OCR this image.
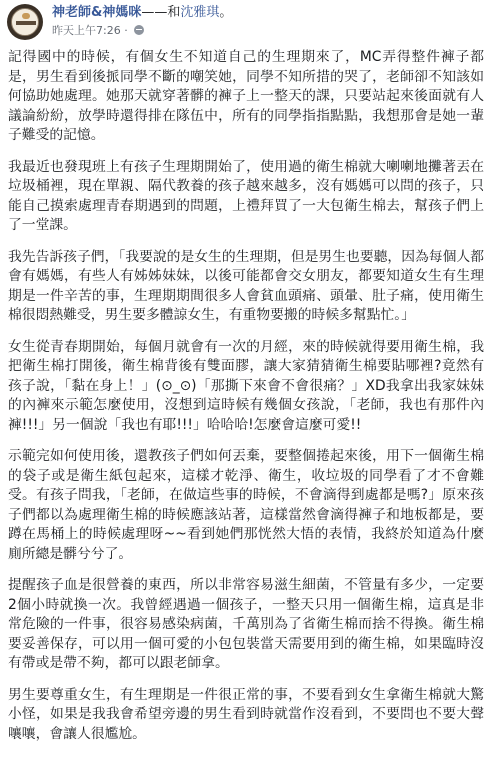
神老師&神媽咪——和沈雅琪。
昨天上午7:26 ·

記得國中的時候，有個女生不知道自己的生理期來了，MC弄得整件褲子都是，男生看到後挀同學不斷的嘲笑她，同學不知所措的哭了，老師卻不知該如何協助她處理。她那天就穿著髒的褲子上一整天的課，只要站起來後面就有人議論紛紛，放學時還得排在隊伍中，所有的同學指指點點，我想那會是她一輩子難受的記憶。

我最近也發現班上有孩子生理期開始了，使用過的衛生棉就大喇喇地攤著丟在垃圾桶裡，現在單親、隔代教養的孩子越來越多，沒有媽媽可以問的孩子，只能自己摸索處理青春期遇到的問題，上禮拜買了一大包衛生棉去，幫孩子們上了一堂課。

我先告訴孩子們，「我要說的是女生的生理期，但是男生也要聽，因為每個人都會有媽媽，有些人有姊姊妹妹，以後可能都會交女朋友，都要知道女生有生理期是一件辛苦的事，生理期期間很多人會貧血頭痛、頭暈、肚子痛，使用衛生棉很悶熱難受，男生要多體諒女生，有重物要搬的時候多幫點忙。」

女生從青春期開始，每個月就會有一次的月經，來的時候就得要用衛生棉，我把衛生棉打開後，衛生棉背後有雙面膠，讓大家猜猜衛生棉要貼哪裡?竟然有孩子說，「黏在身上！」(⊙_⊙)「那撕下來會不會很痛？」XD我拿出我家妹妹的內褲來示範怎麼使用，沒想到這時候有幾個女孩說，「老師，我也有那件內褲!!!」另一個說「我也有耶!!!」哈哈哈!怎麼會這麼可愛!!

示範完如何使用後，還教孩子們如何丟棄，要整個捲起來後，用下一個衛生棉的袋子或是衛生紙包起來，這樣才乾淨、衛生，收垃圾的同學看了才不會難受。有孩子問我，「老師，在做這些事的時候，不會滴得到處都是嗎?」原來孩子們都以為處理衛生棉的時候應該站著，這樣當然會滴得褲子和地板都是，要蹲在馬桶上的時候處理呀~~看到她們那恍然大悟的表情，我終於知道為什麼廁所總是髒兮兮了。

提醒孩子血是很營養的東西，所以非常容易滋生細菌，不管量有多少，一定要2個小時就換一次。我曾經遇過一個孩子，一整天只用一個衛生棉，這真是非常危險的一件事，很容易感染病菌，千萬別為了省衛生棉而捨不得換。衛生棉要妥善保存，可以用一個可愛的小包包裝當天需要用到的衛生棉，如果臨時沒有帶或是帶不夠，都可以跟老師拿。

男生要尊重女生，有生理期是一件很正常的事，不要看到女生拿衛生棉就大驚小怪，如果是我我會希望旁邊的男生看到時就當作沒看到，不要問也不要大聲嚷嚷，會讓人很尷尬。
